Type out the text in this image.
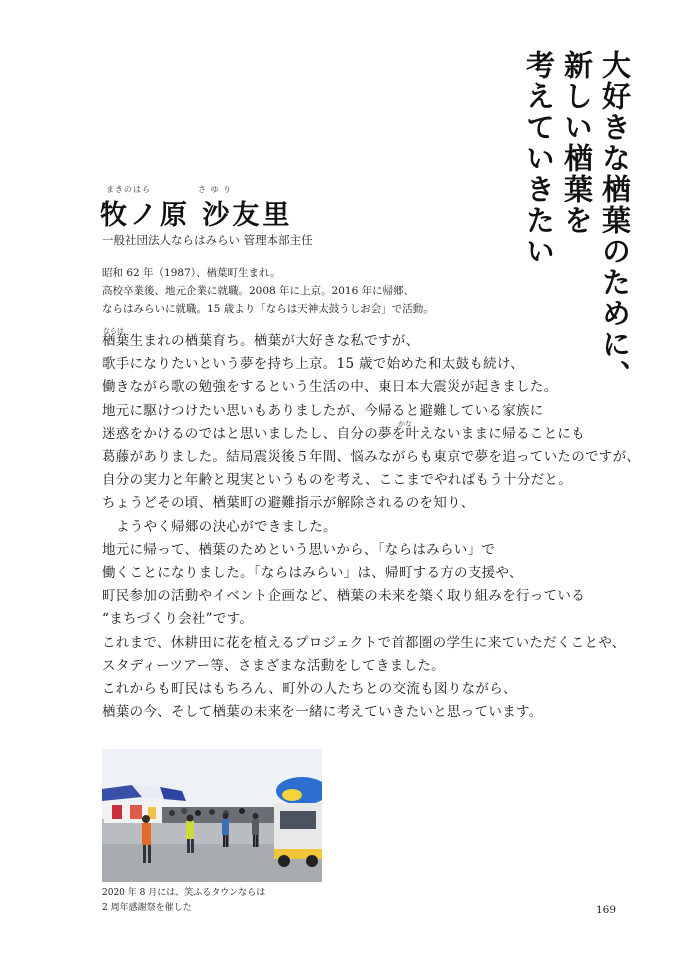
大好きな楢葉のために、
新しい楢葉を
考えていきたい
まきのはら	さ ゆ り
牧ノ原 沙友里
一般社団法人ならはみらい 管理本部主任
昭和 62 年（1987）、楢葉町生まれ。
高校卒業後、地元企業に就職。2008 年に上京。2016 年に帰郷、
ならはみらいに就職。15 歳より「ならは天神太鼓うしお会」で活動。
ならは
かな
楢葉生まれの楢葉育ち。楢葉が大好きな私ですが、
歌手になりたいという夢を持ち上京。15 歳で始めた和太鼓も続け、
働きながら歌の勉強をするという生活の中、東日本大震災が起きました。
地元に駆けつけたい思いもありましたが、今帰ると避難している家族に
迷惑をかけるのではと思いましたし、自分の夢を叶えないままに帰ることにも
葛藤がありました。結局震災後５年間、悩みながらも東京で夢を追っていたのですが、
自分の実力と年齢と現実というものを考え、ここまでやればもう十分だと。
ちょうどその頃、楢葉町の避難指示が解除されるのを知り、
ようやく帰郷の決心ができました。
地元に帰って、楢葉のためという思いから、「ならはみらい」で
働くことになりました。「ならはみらい」は、帰町する方の支援や、
町民参加の活動やイベント企画など、楢葉の未来を築く取り組みを行っている
“まちづくり会社”です。
これまで、休耕田に花を植えるプロジェクトで首都圏の学生に来ていただくことや、
スタディーツアー等、さまざまな活動をしてきました。
これからも町民はもちろん、町外の人たちとの交流も図りながら、
楢葉の今、そして楢葉の未来を一緒に考えていきたいと思っています。
2020 年 8 月には、笑ふるタウンならは
2 周年感謝祭を催した	169
